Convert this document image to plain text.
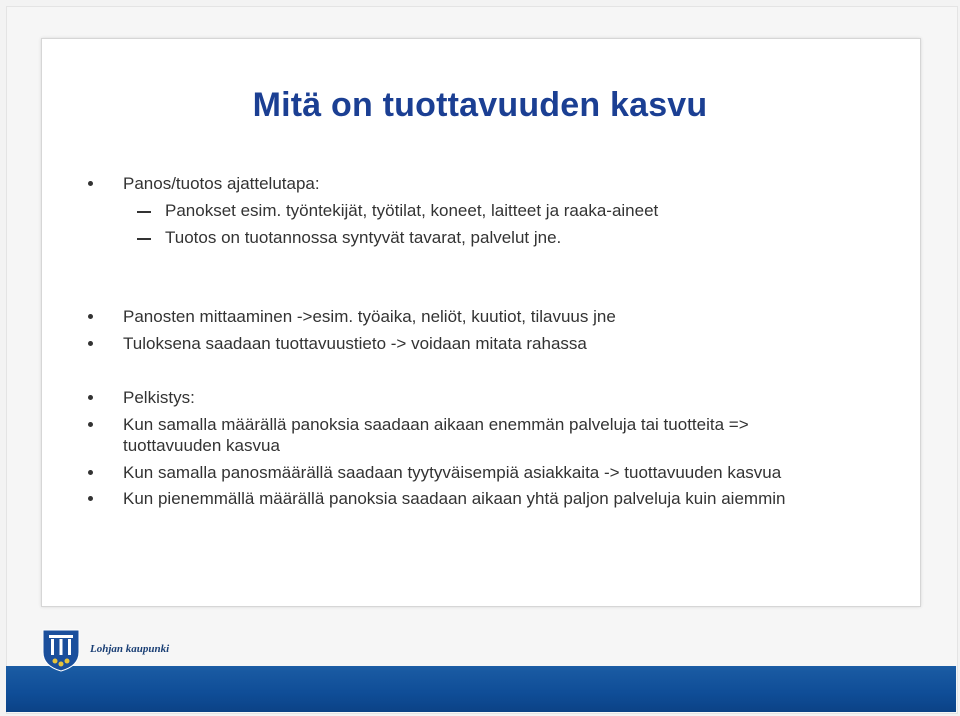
Mitä on tuottavuuden kasvu
Panos/tuotos ajattelutapa:
Panokset esim. työntekijät, työtilat, koneet, laitteet ja raaka-aineet
Tuotos on tuotannossa syntyvät tavarat, palvelut jne.
Panosten mittaaminen ->esim. työaika, neliöt, kuutiot, tilavuus jne
Tuloksena saadaan tuottavuustieto -> voidaan mitata rahassa
Pelkistys:
Kun samalla määrällä panoksia saadaan aikaan enemmän palveluja tai tuotteita =>
tuottavuuden kasvua
Kun samalla panosmäärällä saadaan tyytyväisempiä asiakkaita -> tuottavuuden kasvua
Kun pienemmällä määrällä panoksia saadaan aikaan yhtä paljon palveluja kuin aiemmin
Lohjan kaupunki
